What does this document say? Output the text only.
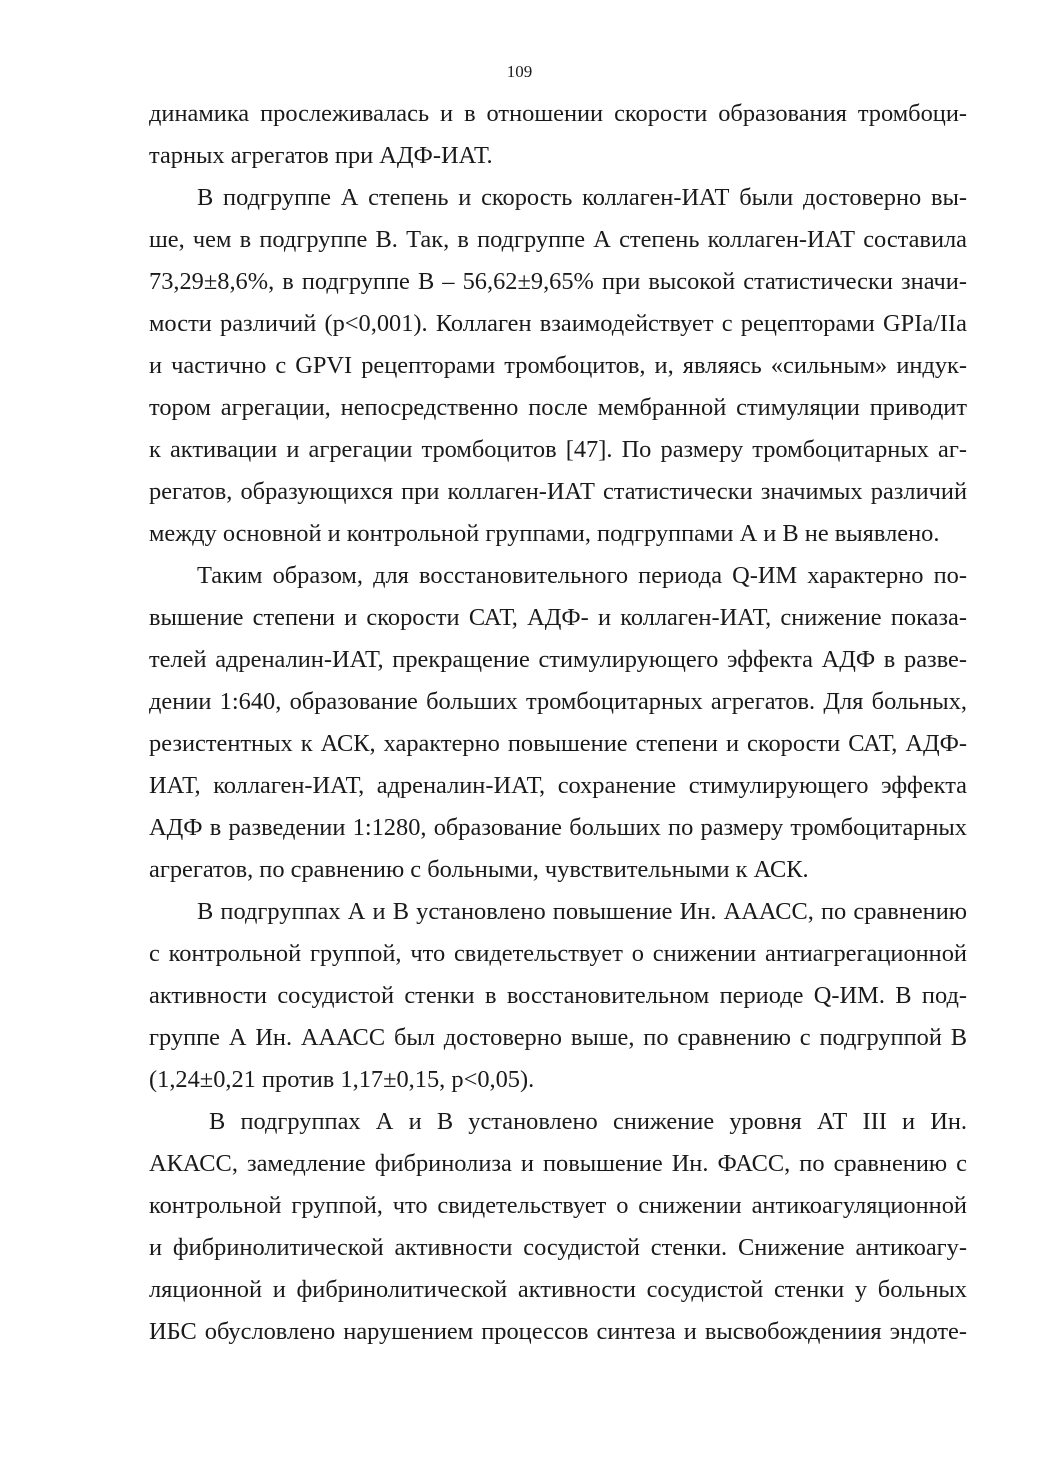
109
динамика прослеживалась и в отношении скорости образования тромбоци-
тарных агрегатов при АДФ-ИАТ.
В подгруппе А степень и скорость коллаген-ИАТ были достоверно вы-
ше, чем в подгруппе В. Так, в подгруппе А степень коллаген-ИАТ составила
73,29±8,6%, в подгруппе В – 56,62±9,65% при высокой статистически значи-
мости различий (р<0,001). Коллаген взаимодействует с рецепторами GPIa/IIa
и частично с GPVI рецепторами тромбоцитов, и, являясь «сильным» индук-
тором агрегации, непосредственно после мембранной стимуляции приводит
к активации и агрегации тромбоцитов [47]. По размеру тромбоцитарных аг-
регатов, образующихся при коллаген-ИАТ статистически значимых различий
между основной и контрольной группами, подгруппами А и В не выявлено.
Таким образом, для восстановительного периода Q-ИМ характерно по-
вышение степени и скорости САТ, АДФ- и коллаген-ИАТ, снижение показа-
телей адреналин-ИАТ, прекращение стимулирующего эффекта АДФ в разве-
дении 1:640, образование больших тромбоцитарных агрегатов. Для больных,
резистентных к АСК, характерно повышение степени и скорости САТ, АДФ-
ИАТ, коллаген-ИАТ, адреналин-ИАТ, сохранение стимулирующего эффекта
АДФ в разведении 1:1280, образование больших по размеру тромбоцитарных
агрегатов, по сравнению с больными, чувствительными к АСК.
В подгруппах А и В установлено повышение Ин. АААСС, по сравнению
с контрольной группой, что свидетельствует о снижении антиагрегационной
активности сосудистой стенки в восстановительном периоде Q-ИМ. В под-
группе А Ин. АААСС был достоверно выше, по сравнению с подгруппой В
(1,24±0,21 против 1,17±0,15, р<0,05).
В подгруппах А и В установлено снижение уровня АТ III и Ин.
АКАСС, замедление фибринолиза и повышение Ин. ФАСС, по сравнению с
контрольной группой, что свидетельствует о снижении антикоагуляционной
и фибринолитической активности сосудистой стенки. Снижение антикоагу-
ляционной и фибринолитической активности сосудистой стенки у больных
ИБС обусловлено нарушением процессов синтеза и высвобождениия эндоте-
